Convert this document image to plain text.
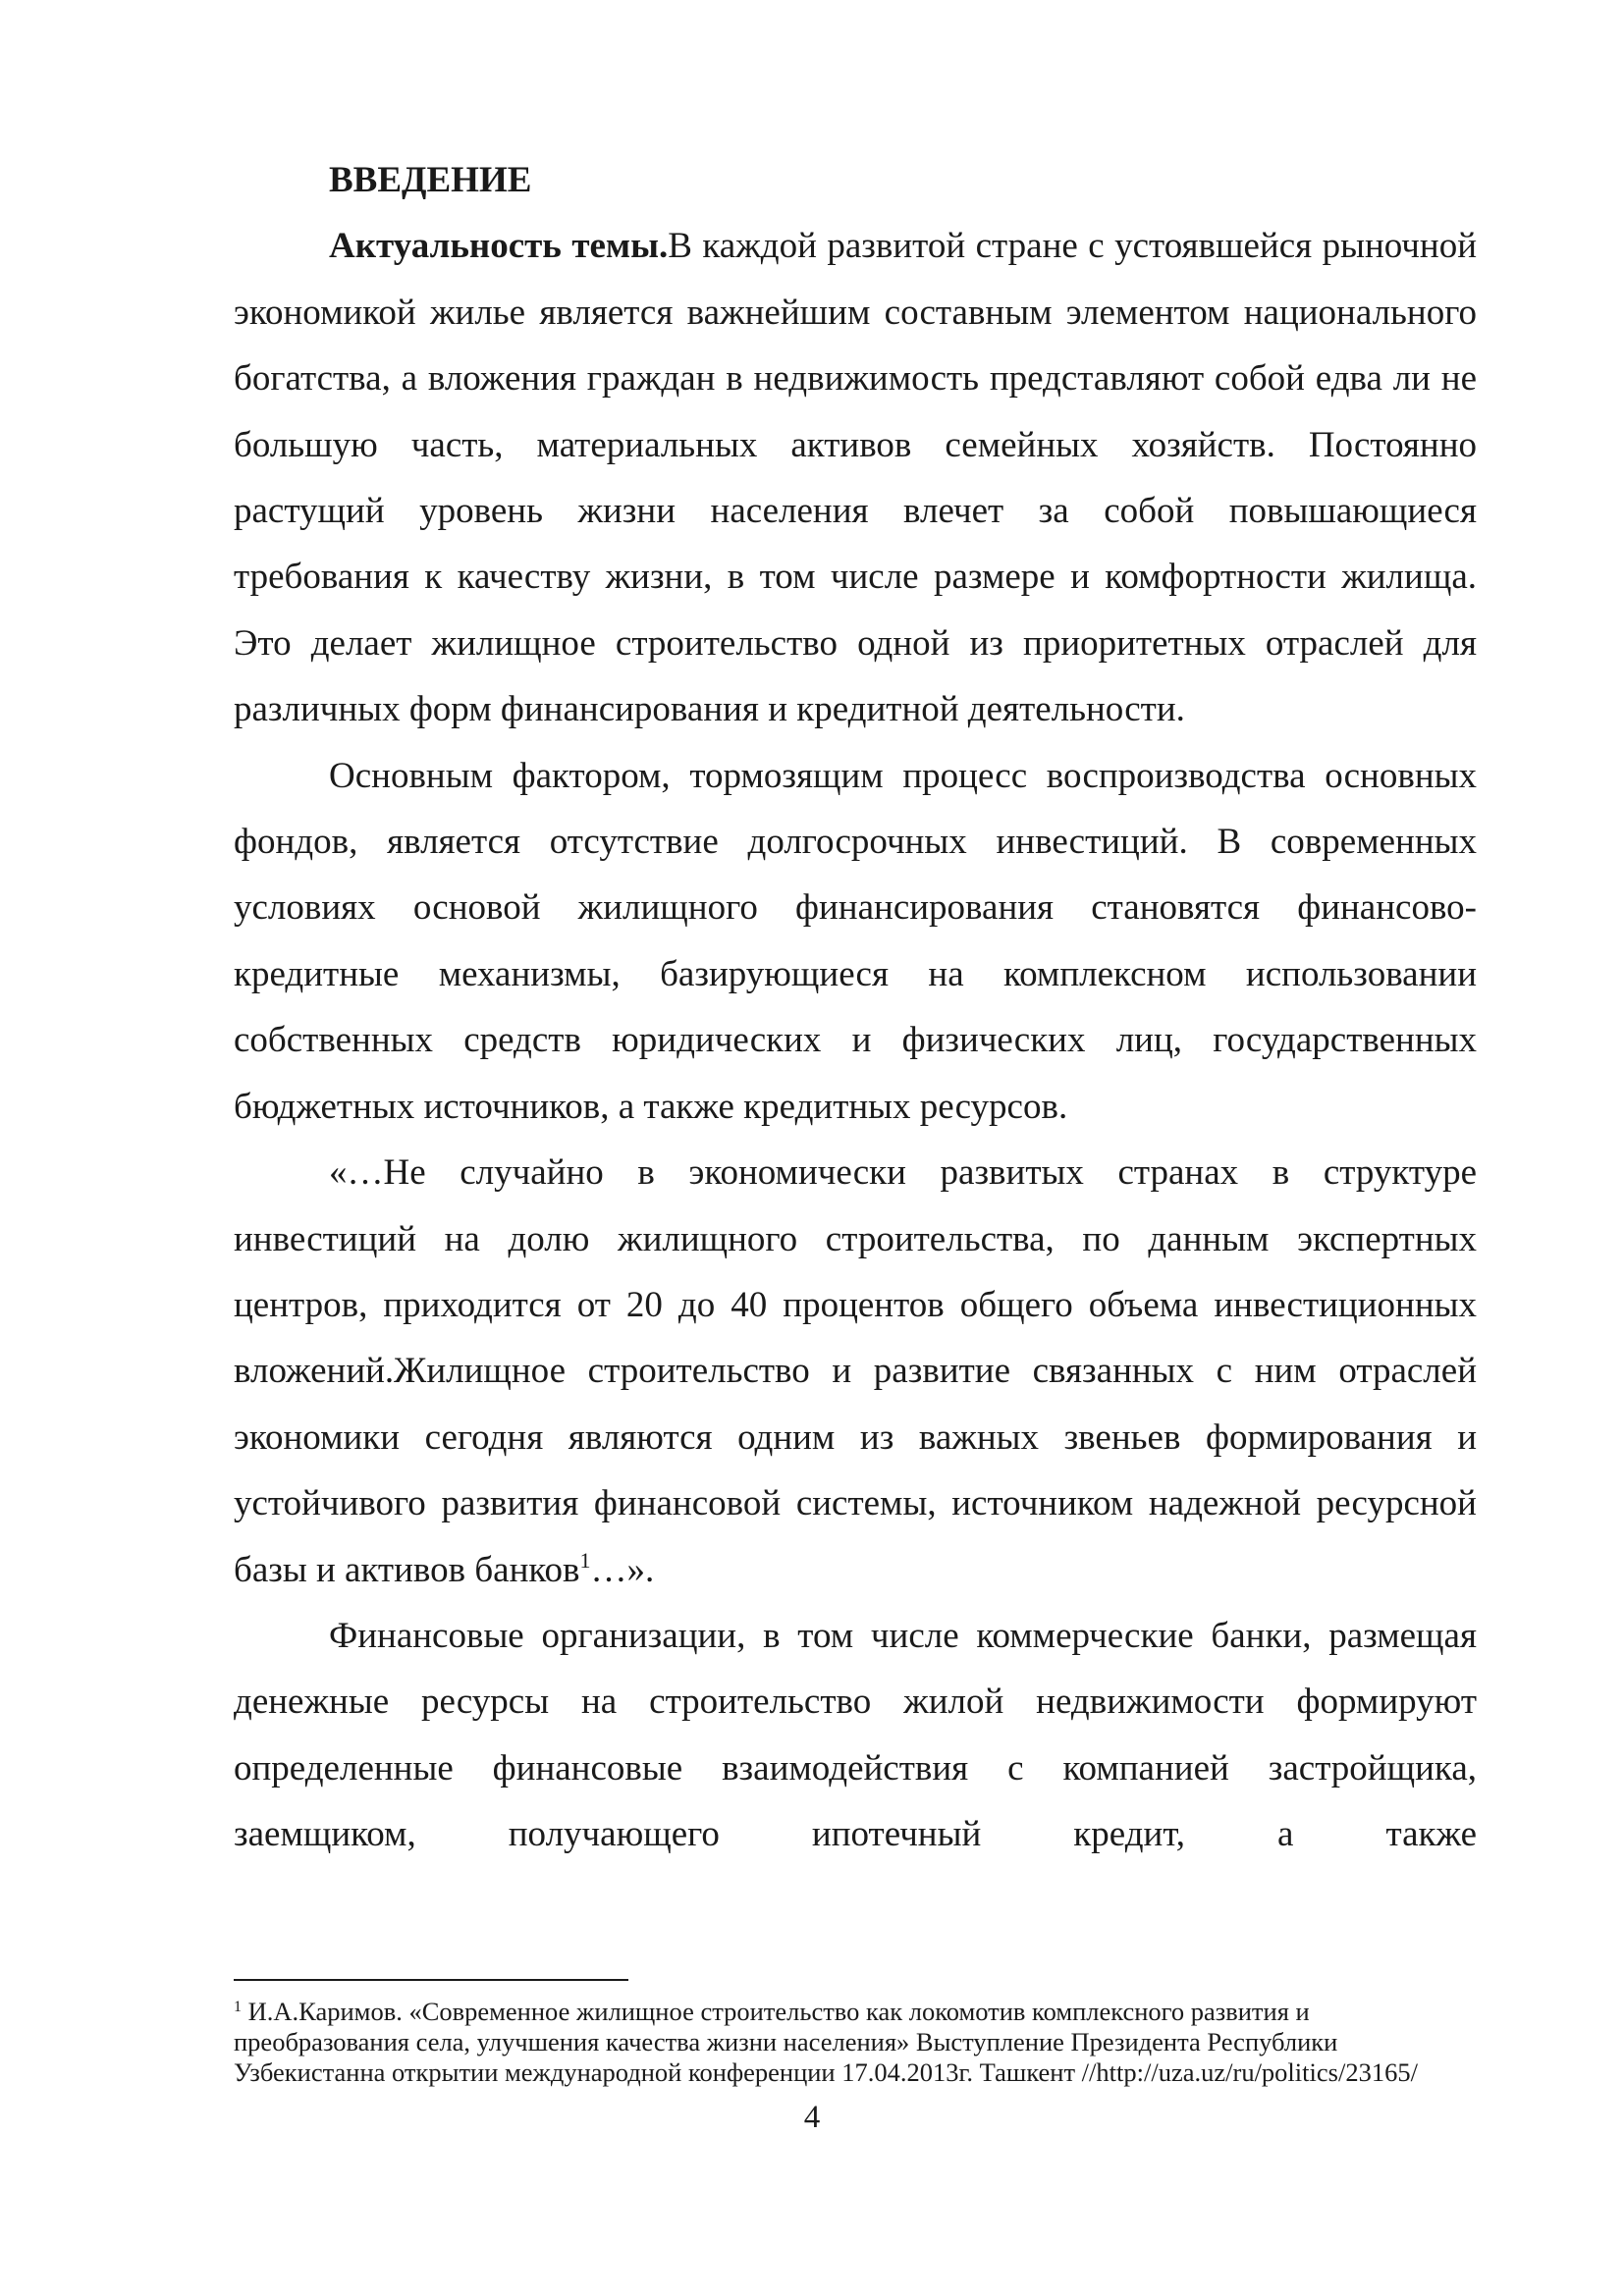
ВВЕДЕНИЕ

Актуальность темы.В каждой развитой стране с устоявшейся рыночной экономикой жилье является важнейшим составным элементом национального богатства, а вложения граждан в недвижимость представляют собой едва ли не большую часть, материальных активов семейных хозяйств. Постоянно растущий уровень жизни населения влечет за собой повышающиеся требования к качеству жизни, в том числе размере и комфортности жилища. Это делает жилищное строительство одной из приоритетных отраслей для различных форм финансирования и кредитной деятельности.

Основным фактором, тормозящим процесс воспроизводства основных фондов, является отсутствие долгосрочных инвестиций. В современных условиях основой жилищного финансирования становятся финансово-кредитные механизмы, базирующиеся на комплексном использовании собственных средств юридических и физических лиц, государственных бюджетных источников, а также кредитных ресурсов.

«…Не случайно в экономически развитых странах в структуре инвестиций на долю жилищного строительства, по данным экспертных центров, приходится от 20 до 40 процентов общего объема инвестиционных вложений.Жилищное строительство и развитие связанных с ним отраслей экономики сегодня являются одним из важных звеньев формирования и устойчивого развития финансовой системы, источником надежной ресурсной базы и активов банков$^1$…».

Финансовые организации, в том числе коммерческие банки, размещая денежные ресурсы на строительство жилой недвижимости формируют определенные финансовые взаимодействия с компанией застройщика, заемщиком, получающего ипотечный кредит, а также

$^1$ И.А.Каримов. «Современное жилищное строительство как локомотив комплексного развития и преобразования села, улучшения качества жизни населения» Выступление Президента Республики Узбекистанна открытии международной конференции 17.04.2013г. Ташкент //http://uza.uz/ru/politics/23165/

4
